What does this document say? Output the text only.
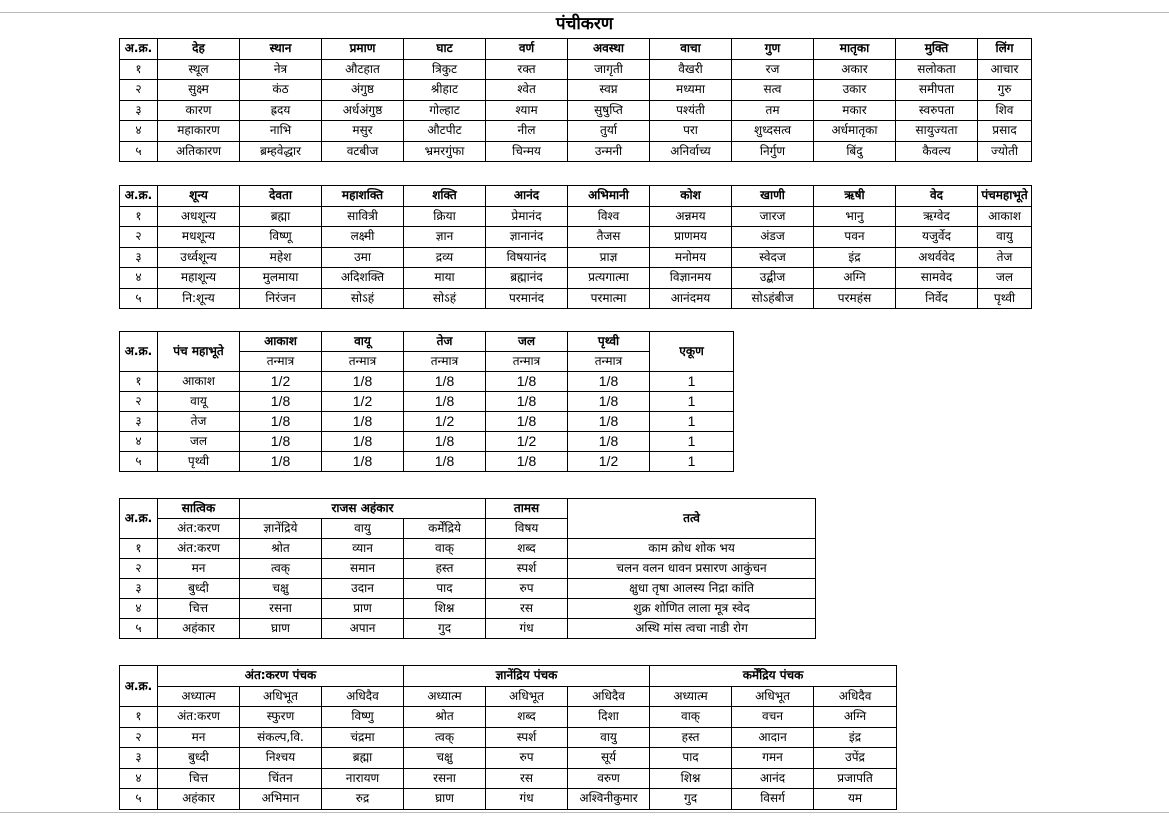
पंचीकरण
अ.क्र.	देह	स्थान	प्रमाण	घाट	वर्ण	अवस्था	वाचा	गुण	मातृका	मुक्ति	लिंग
१	स्थूल	नेत्र	औटहात	त्रिकुट	रक्त	जागृती	वैखरी	रज	अकार	सलोकता	आचार
२	सुक्ष्म	कंठ	अंगुष्ठ	श्रीहाट	श्वेत	स्वप्न	मध्यमा	सत्व	उकार	समीपता	गुरु
३	कारण	ह्रदय	अर्धअंगुष्ठ	गोल्हाट	श्याम	सुषुप्ति	पश्यंती	तम	मकार	स्वरुपता	शिव
४	महाकारण	नाभि	मसुर	औटपीट	नील	तुर्या	परा	शुध्दसत्व	अर्धमातृका	सायुज्यता	प्रसाद
५	अतिकारण	ब्रम्हवेद्धार	वटबीज	भ्रमरगुंफा	चिन्मय	उन्मनी	अनिर्वाच्य	निर्गुण	बिंदु	कैवल्य	ज्योती
अ.क्र.	शून्य	देवता	महाशक्ति	शक्ति	आनंद	अभिमानी	कोश	खाणी	ऋषी	वेद	पंचमहाभूते
१	अधशून्य	ब्रह्मा	सावित्री	क्रिया	प्रेमानंद	विश्व	अन्नमय	जारज	भानु	ऋग्वेद	आकाश
२	मधशून्य	विष्णू	लक्ष्मी	ज्ञान	ज्ञानानंद	तैजस	प्राणमय	अंडज	पवन	यजुर्वेद	वायु
३	उर्ध्वशून्य	महेश	उमा	द्रव्य	विषयानंद	प्राज्ञ	मनोमय	स्वेदज	इंद्र	अथर्ववेद	तेज
४	महाशून्य	मुलमाया	अदिशक्ति	माया	ब्रह्मानंद	प्रत्यगात्मा	विज्ञानमय	उद्बीज	अग्नि	सामवेद	जल
५	नि:शून्य	निरंजन	सोऽहं	सोऽहं	परमानंद	परमात्मा	आनंदमय	सोऽहंबीज	परमहंस	निर्वेद	पृथ्वी
अ.क्र.	पंच महाभूते	आकाश	वायू	तेज	जल	पृथ्वी	एकूण
		तन्मात्र	तन्मात्र	तन्मात्र	तन्मात्र	तन्मात्र	
१	आकाश	1/2	1/8	1/8	1/8	1/8	1
२	वायू	1/8	1/2	1/8	1/8	1/8	1
३	तेज	1/8	1/8	1/2	1/8	1/8	1
४	जल	1/8	1/8	1/8	1/2	1/8	1
५	पृथ्वी	1/8	1/8	1/8	1/8	1/2	1
अ.क्र.	सात्विक	राजस अहंकार			तामस	तत्वे
	अंत:करण	ज्ञानेंद्रिये	वायु	कर्मेंद्रिये	विषय	
१	अंत:करण	श्रोत	व्यान	वाक्	शब्द	काम क्रोध शोक भय
२	मन	त्वक्	समान	हस्त	स्पर्श	चलन वलन धावन प्रसारण आकुंचन
३	बुध्दी	चक्षु	उदान	पाद	रुप	क्षुधा तृषा आलस्य निद्रा कांति
४	चित्त	रसना	प्राण	शिश्न	रस	शुक्र शोणित लाला मूत्र स्वेद
५	अहंकार	घ्राण	अपान	गुद	गंध	अस्थि मांस त्वचा नाडी रोग
अ.क्र.	अंत:करण पंचक			ज्ञानेंद्रिय पंचक			कर्मेंद्रिय पंचक		
	अध्यात्म	अधिभूत	अधिदैव	अध्यात्म	अधिभूत	अधिदैव	अध्यात्म	अधिभूत	अधिदैव
१	अंत:करण	स्फुरण	विष्णु	श्रोत	शब्द	दिशा	वाक्	वचन	अग्नि
२	मन	संकल्प,वि.	चंद्रमा	त्वक्	स्पर्श	वायु	हस्त	आदान	इंद्र
३	बुध्दी	निश्चय	ब्रह्मा	चक्षु	रुप	सूर्य	पाद	गमन	उपेंद्र
४	चित्त	चिंतन	नारायण	रसना	रस	वरुण	शिश्न	आनंद	प्रजापति
५	अहंकार	अभिमान	रुद्र	घ्राण	गंध	अश्विनीकुमार	गुद	विसर्ग	यम
